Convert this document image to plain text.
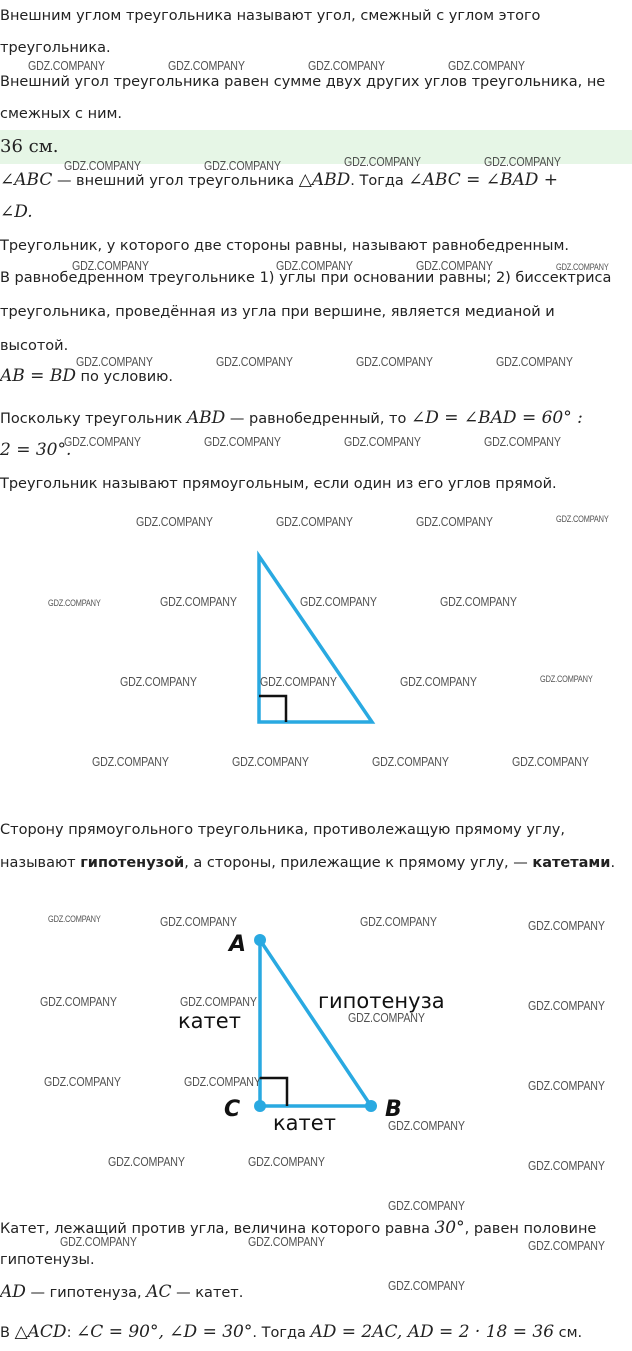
Внешним углом треугольника называют угол, смежный с углом этого
треугольника.
Внешний угол треугольника равен сумме двух других углов треугольника, не
смежных с ним.
36 см.
∠ABC — внешний угол треугольника △ABD. Тогда ∠ABC = ∠BAD +
∠D.
Треугольник, у которого две стороны равны, называют равнобедренным.
В равнобедренном треугольнике 1) углы при основании равны; 2) биссектриса
треугольника, проведённая из угла при вершине, является медианой и
высотой.
AB = BD по условию.
Поскольку треугольник ABD — равнобедренный, то ∠D = ∠BAD = 60° :
2 = 30°.
Треугольник называют прямоугольным, если один из его углов прямой.
Сторону прямоугольного треугольника, противолежащую прямому углу,
называют гипотенузой, а стороны, прилежащие к прямому углу, — катетами.
A
C	B
гипотенуза
катет
катет
Катет, лежащий против угла, величина которого равна 30°, равен половине
гипотенузы.
AD — гипотенуза, AC — катет.
В △ACD: ∠C = 90°, ∠D = 30°. Тогда AD = 2AC, AD = 2 · 18 = 36 см.
GDZ.COMPANY	GDZ.COMPANY	GDZ.COMPANY	GDZ.COMPANY
GDZ.COMPANY	GDZ.COMPANY	GDZ.COMPANY	GDZ.COMPANY
GDZ.COMPANY	GDZ.COMPANY	GDZ.COMPANY	GDZ.COMPANY
GDZ.COMPANY	GDZ.COMPANY	GDZ.COMPANY	GDZ.COMPANY
GDZ.COMPANY	GDZ.COMPANY	GDZ.COMPANY	GDZ.COMPANY
GDZ.COMPANY	GDZ.COMPANY	GDZ.COMPANY	GDZ.COMPANY
GDZ.COMPANY	GDZ.COMPANY	GDZ.COMPANY	GDZ.COMPANY
GDZ.COMPANY	GDZ.COMPANY	GDZ.COMPANY	GDZ.COMPANY
GDZ.COMPANY	GDZ.COMPANY	GDZ.COMPANY	GDZ.COMPANY
GDZ.COMPANY	GDZ.COMPANY	GDZ.COMPANY	GDZ.COMPANY
GDZ.COMPANY	GDZ.COMPANY
GDZ.COMPANY
GDZ.COMPANY
GDZ.COMPANY	GDZ.COMPANY	GDZ.COMPANY
GDZ.COMPANY
GDZ.COMPANY	GDZ.COMPANY	GDZ.COMPANY
GDZ.COMPANY
GDZ.COMPANY	GDZ.COMPANY	GDZ.COMPANY
GDZ.COMPANY
